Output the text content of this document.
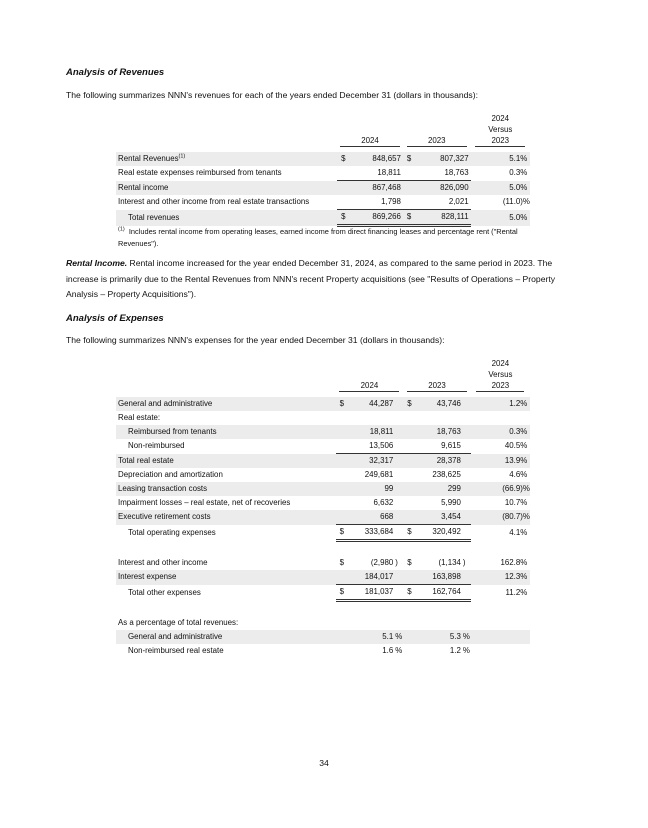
Analysis of Revenues
The following summarizes NNN's revenues for each of the years ended December 31 (dollars in thousands):
					2024	
					Versus	
	2024		2023		2023	

Rental Revenues$^{(1)}$	$	848,657	$	807,327	5.1	%
Real estate expenses reimbursed from tenants		18,811		18,763	0.3	%
Rental income		867,468		826,090	5.0	%
Interest and other income from real estate transactions		1,798		2,021	(11.0	)%
Total revenues	$	869,266	$	828,111	5.0	%
$^{(1)}$ Includes rental income from operating leases, earned income from direct financing leases and percentage rent ("Rental Revenues").
Rental Income. Rental income increased for the year ended December 31, 2024, as compared to the same period in 2023. The increase is primarily due to the Rental Revenues from NNN's recent Property acquisitions (see "Results of Operations – Property Analysis – Property Acquisitions").
Analysis of Expenses
The following summarizes NNN's expenses for the year ended December 31 (dollars in thousands):
							2024	
							Versus	
	2024			2023			2023	

General and administrative	$	44,287		$	43,746		1.2	%
Real estate:								
Reimbursed from tenants		18,811			18,763		0.3	%
Non-reimbursed		13,506			9,615		40.5	%
Total real estate		32,317			28,378		13.9	%
Depreciation and amortization		249,681			238,625		4.6	%
Leasing transaction costs		99			299		(66.9	)%
Impairment losses – real estate, net of recoveries		6,632			5,990		10.7	%
Executive retirement costs		668			3,454		(80.7	)%
Total operating expenses	$	333,684		$	320,492		4.1	%

Interest and other income	$	(2,980	)	$	(1,134	)	162.8	%
Interest expense		184,017			163,898		12.3	%
Total other expenses	$	181,037		$	162,764		11.2	%

As a percentage of total revenues:								
General and administrative		5.1	%		5.3	%		
Non-reimbursed real estate		1.6	%		1.2	%		
34
